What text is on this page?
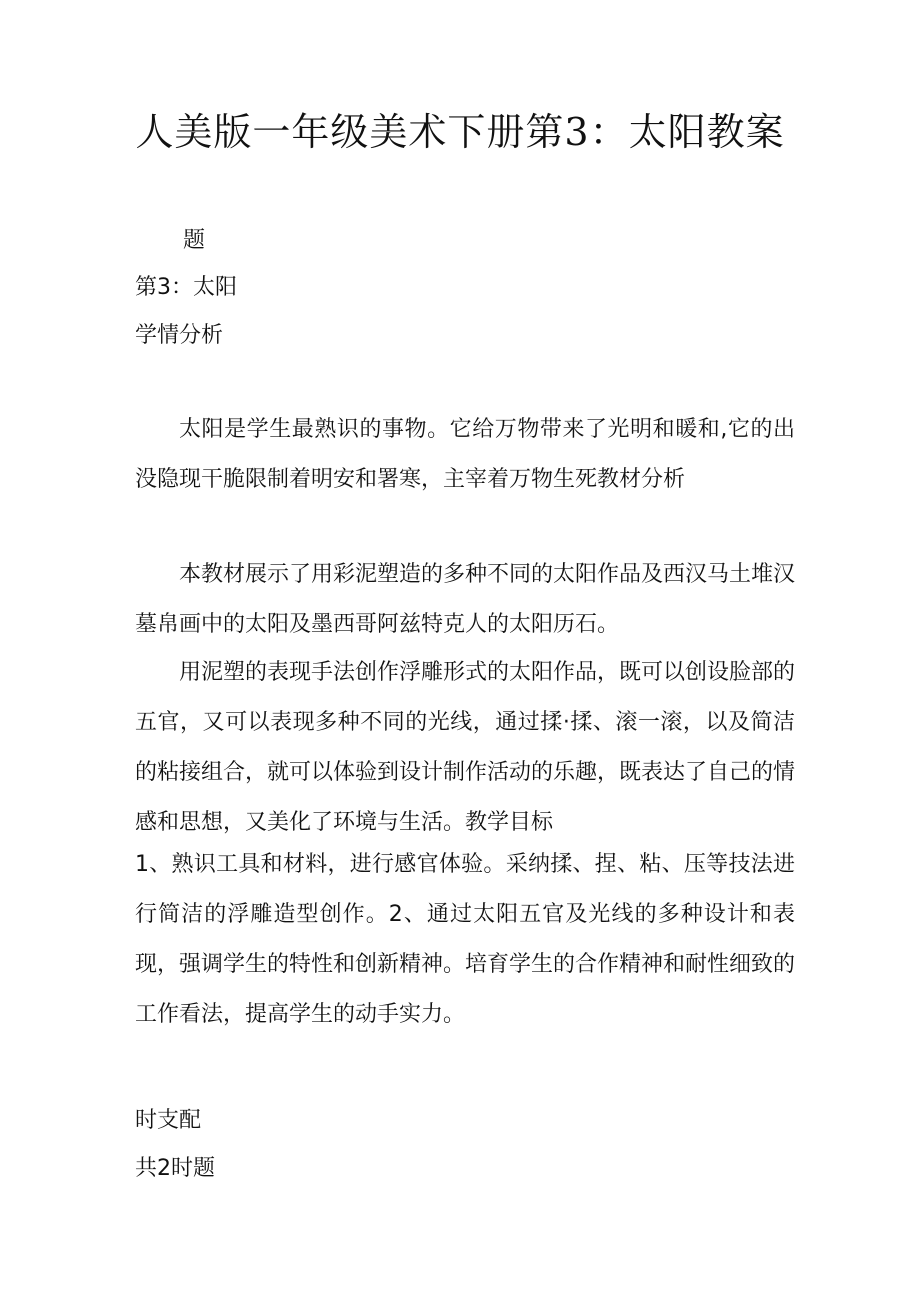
人美版一年级美术下册第3：太阳教案

题

第3：太阳

学情分析

太阳是学生最熟识的事物。它给万物带来了光明和暖和,它的出没隐现干脆限制着明安和署寒，主宰着万物生死教材分析

本教材展示了用彩泥塑造的多种不同的太阳作品及西汉马土堆汉墓帛画中的太阳及墨西哥阿兹特克人的太阳历石。

用泥塑的表现手法创作浮雕形式的太阳作品，既可以创设脸部的五官，又可以表现多种不同的光线，通过揉·揉、滚一滚，以及简洁的粘接组合，就可以体验到设计制作活动的乐趣，既表达了自己的情感和思想，又美化了环境与生活。教学目标

1、熟识工具和材料，进行感官体验。采纳揉、捏、粘、压等技法进行简洁的浮雕造型创作。2、通过太阳五官及光线的多种设计和表现，强调学生的特性和创新精神。培育学生的合作精神和耐性细致的工作看法，提高学生的动手实力。

时支配

共2时题
